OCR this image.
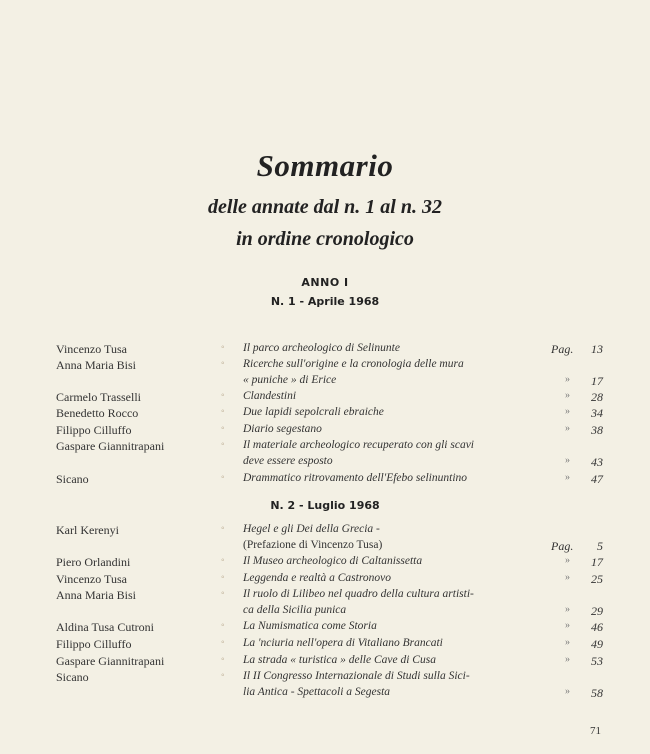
Sommario
delle annate dal n. 1 al n. 32
in ordine cronologico
ANNO I
N. 1 - Aprile 1968
N. 2 - Luglio 1968
Vincenzo Tusa	◦ Il parco archeologico di Selinunte	Pag. 13
Anna Maria Bisi	◦ Ricerche sull'origine e la cronologia delle mura
« puniche » di Erice	» 17
Carmelo Trasselli	◦ Clandestini	» 28
Benedetto Rocco	◦ Due lapidi sepolcrali ebraiche	» 34
Filippo Cilluffo	◦ Diario segestano	» 38
Gaspare Giannitrapani	◦ Il materiale archeologico recuperato con gli scavi
deve essere esposto	» 43
Sicano	◦ Drammatico ritrovamento dell'Efebo selinuntino	» 47
Karl Kerenyi	◦ Hegel e gli Dei della Grecia -
(Prefazione di Vincenzo Tusa)	Pag. 5
Piero Orlandini	◦ Il Museo archeologico di Caltanissetta	» 17
Vincenzo Tusa	◦ Leggenda e realtà a Castronovo	» 25
Anna Maria Bisi	◦ Il ruolo di Lilibeo nel quadro della cultura artisti-
ca della Sicilia punica	» 29
Aldina Tusa Cutroni	◦ La Numismatica come Storia	» 46
Filippo Cilluffo	◦ La 'nciuria nell'opera di Vitaliano Brancati	» 49
Gaspare Giannitrapani	◦ La strada « turistica » delle Cave di Cusa	» 53
Sicano	◦ Il II Congresso Internazionale di Studi sulla Sici-
lia Antica - Spettacoli a Segesta	» 58
71
